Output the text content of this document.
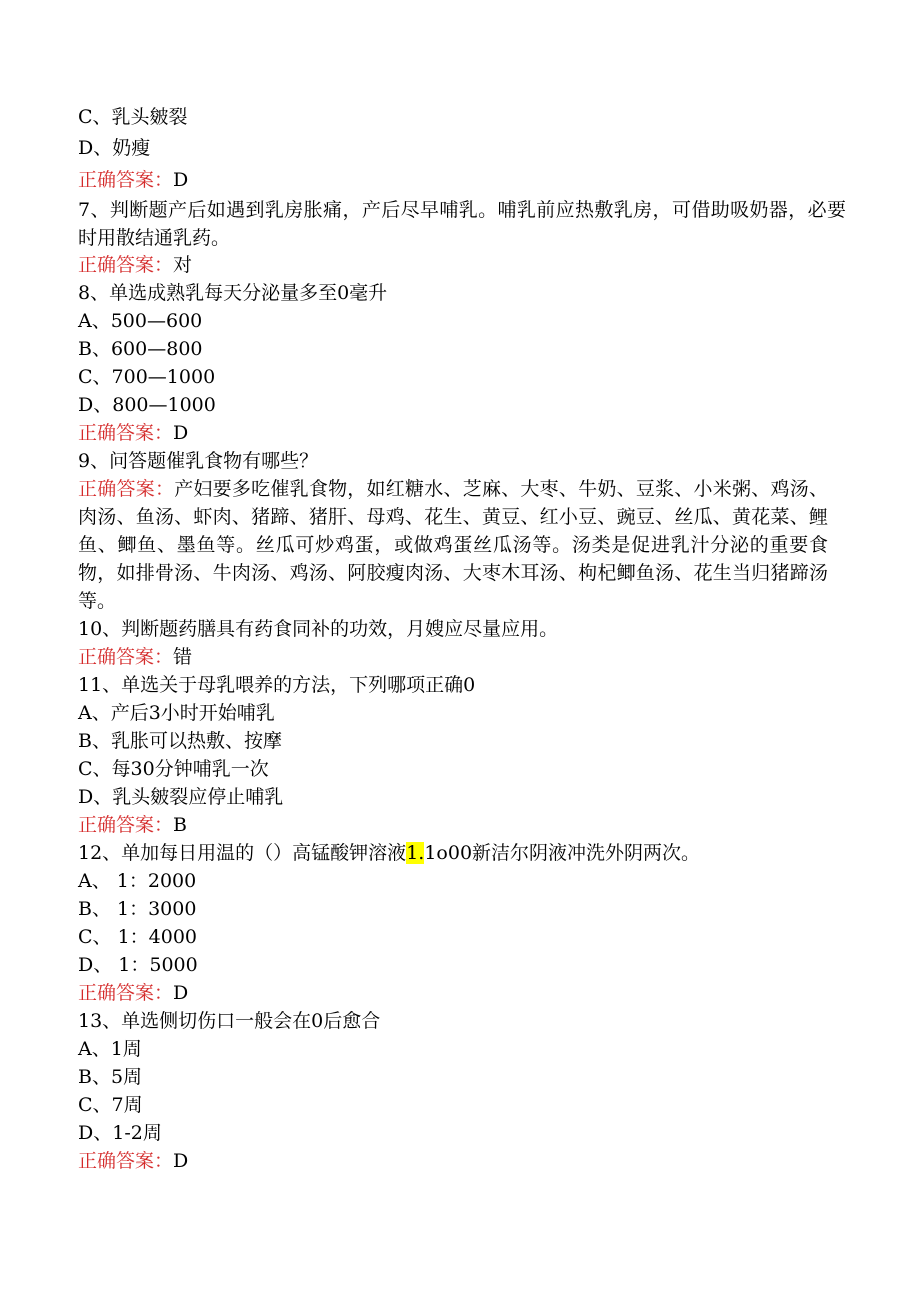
C、乳头皴裂
D、奶瘦
正确答案：D
7、判断题产后如遇到乳房胀痛，产后尽早哺乳。哺乳前应热敷乳房，可借助吸奶器，必要时用散结通乳药。
正确答案：对
8、单选成熟乳每天分泌量多至0毫升
A、500—600
B、600—800
C、700—1000
D、800—1000
正确答案：D
9、问答题催乳食物有哪些？
正确答案：产妇要多吃催乳食物，如红糖水、芝麻、大枣、牛奶、豆浆、小米粥、鸡汤、肉汤、鱼汤、虾肉、猪蹄、猪肝、母鸡、花生、黄豆、红小豆、豌豆、丝瓜、黄花菜、鲤鱼、鲫鱼、墨鱼等。丝瓜可炒鸡蛋，或做鸡蛋丝瓜汤等。汤类是促进乳汁分泌的重要食物，如排骨汤、牛肉汤、鸡汤、阿胶瘦肉汤、大枣木耳汤、枸杞鲫鱼汤、花生当归猪蹄汤等。
10、判断题药膳具有药食同补的功效，月嫂应尽量应用。
正确答案：错
11、单选关于母乳喂养的方法，下列哪项正确0
A、产后3小时开始哺乳
B、乳胀可以热敷、按摩
C、每30分钟哺乳一次
D、乳头皴裂应停止哺乳
正确答案：B
12、单加每日用温的（）高锰酸钾溶液1.1o00新洁尔阴液冲洗外阴两次。
A、 1：2000
B、 1：3000
C、 1：4000
D、 1：5000
正确答案：D
13、单选侧切伤口一般会在0后愈合
A、1周
B、5周
C、7周
D、1-2周
正确答案：D
